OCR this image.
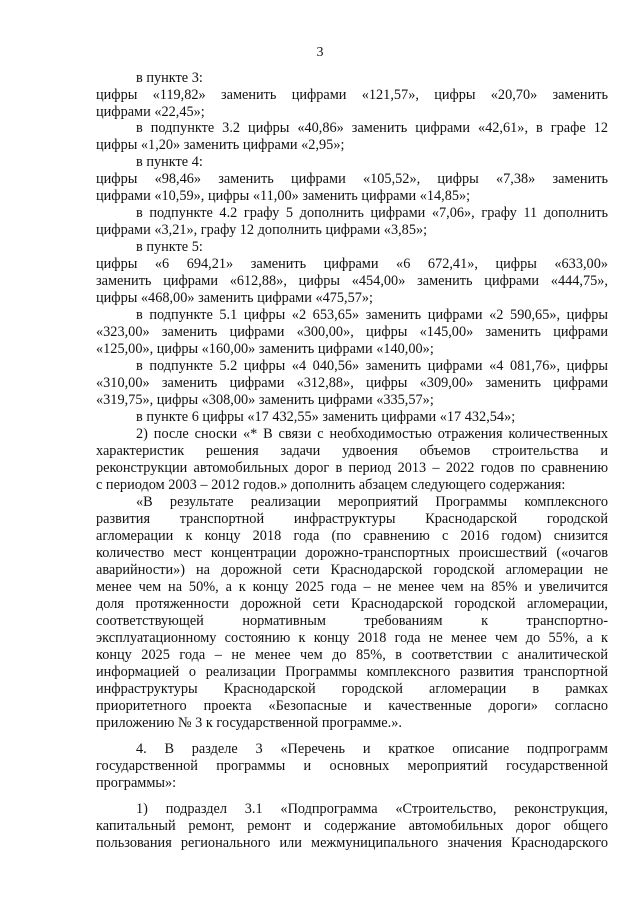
3
в пункте 3:
цифры «119,82» заменить цифрами «121,57», цифры «20,70» заменить
цифрами «22,45»;
в подпункте 3.2 цифры «40,86» заменить цифрами «42,61», в графе 12
цифры «1,20» заменить цифрами «2,95»;
в пункте 4:
цифры «98,46» заменить цифрами «105,52», цифры «7,38» заменить
цифрами «10,59», цифры «11,00» заменить цифрами «14,85»;
в подпункте 4.2 графу 5 дополнить цифрами «7,06», графу 11 дополнить
цифрами «3,21», графу 12 дополнить цифрами «3,85»;
в пункте 5:
цифры «6 694,21» заменить цифрами «6 672,41», цифры «633,00»
заменить цифрами «612,88», цифры «454,00» заменить цифрами «444,75»,
цифры «468,00» заменить цифрами «475,57»;
в подпункте 5.1 цифры «2 653,65» заменить цифрами «2 590,65», цифры
«323,00» заменить цифрами «300,00», цифры «145,00» заменить цифрами
«125,00», цифры «160,00» заменить цифрами «140,00»;
в подпункте 5.2 цифры «4 040,56» заменить цифрами «4 081,76», цифры
«310,00» заменить цифрами «312,88», цифры «309,00» заменить цифрами
«319,75», цифры «308,00» заменить цифрами «335,57»;
в пункте 6 цифры «17 432,55» заменить цифрами «17 432,54»;
2) после сноски «* В связи с необходимостью отражения количественных
характеристик решения задачи удвоения объемов строительства и
реконструкции автомобильных дорог в период 2013 – 2022 годов по сравнению
с периодом 2003 – 2012 годов.» дополнить абзацем следующего содержания:
«В результате реализации мероприятий Программы комплексного
развития транспортной инфраструктуры Краснодарской городской
агломерации к концу 2018 года (по сравнению с 2016 годом) снизится
количество мест концентрации дорожно-транспортных происшествий («очагов
аварийности») на дорожной сети Краснодарской городской агломерации не
менее чем на 50%, а к концу 2025 года – не менее чем на 85% и увеличится
доля протяженности дорожной сети Краснодарской городской агломерации,
соответствующей нормативным требованиям к транспортно-
эксплуатационному состоянию к концу 2018 года не менее чем до 55%, а к
концу 2025 года – не менее чем до 85%, в соответствии с аналитической
информацией о реализации Программы комплексного развития транспортной
инфраструктуры Краснодарской городской агломерации в рамках
приоритетного проекта «Безопасные и качественные дороги» согласно
приложению № 3 к государственной программе.».
4. В разделе 3 «Перечень и краткое описание подпрограмм
государственной программы и основных мероприятий государственной
программы»:
1) подраздел 3.1 «Подпрограмма «Строительство, реконструкция,
капитальный ремонт, ремонт и содержание автомобильных дорог общего
пользования регионального или межмуниципального значения Краснодарского
